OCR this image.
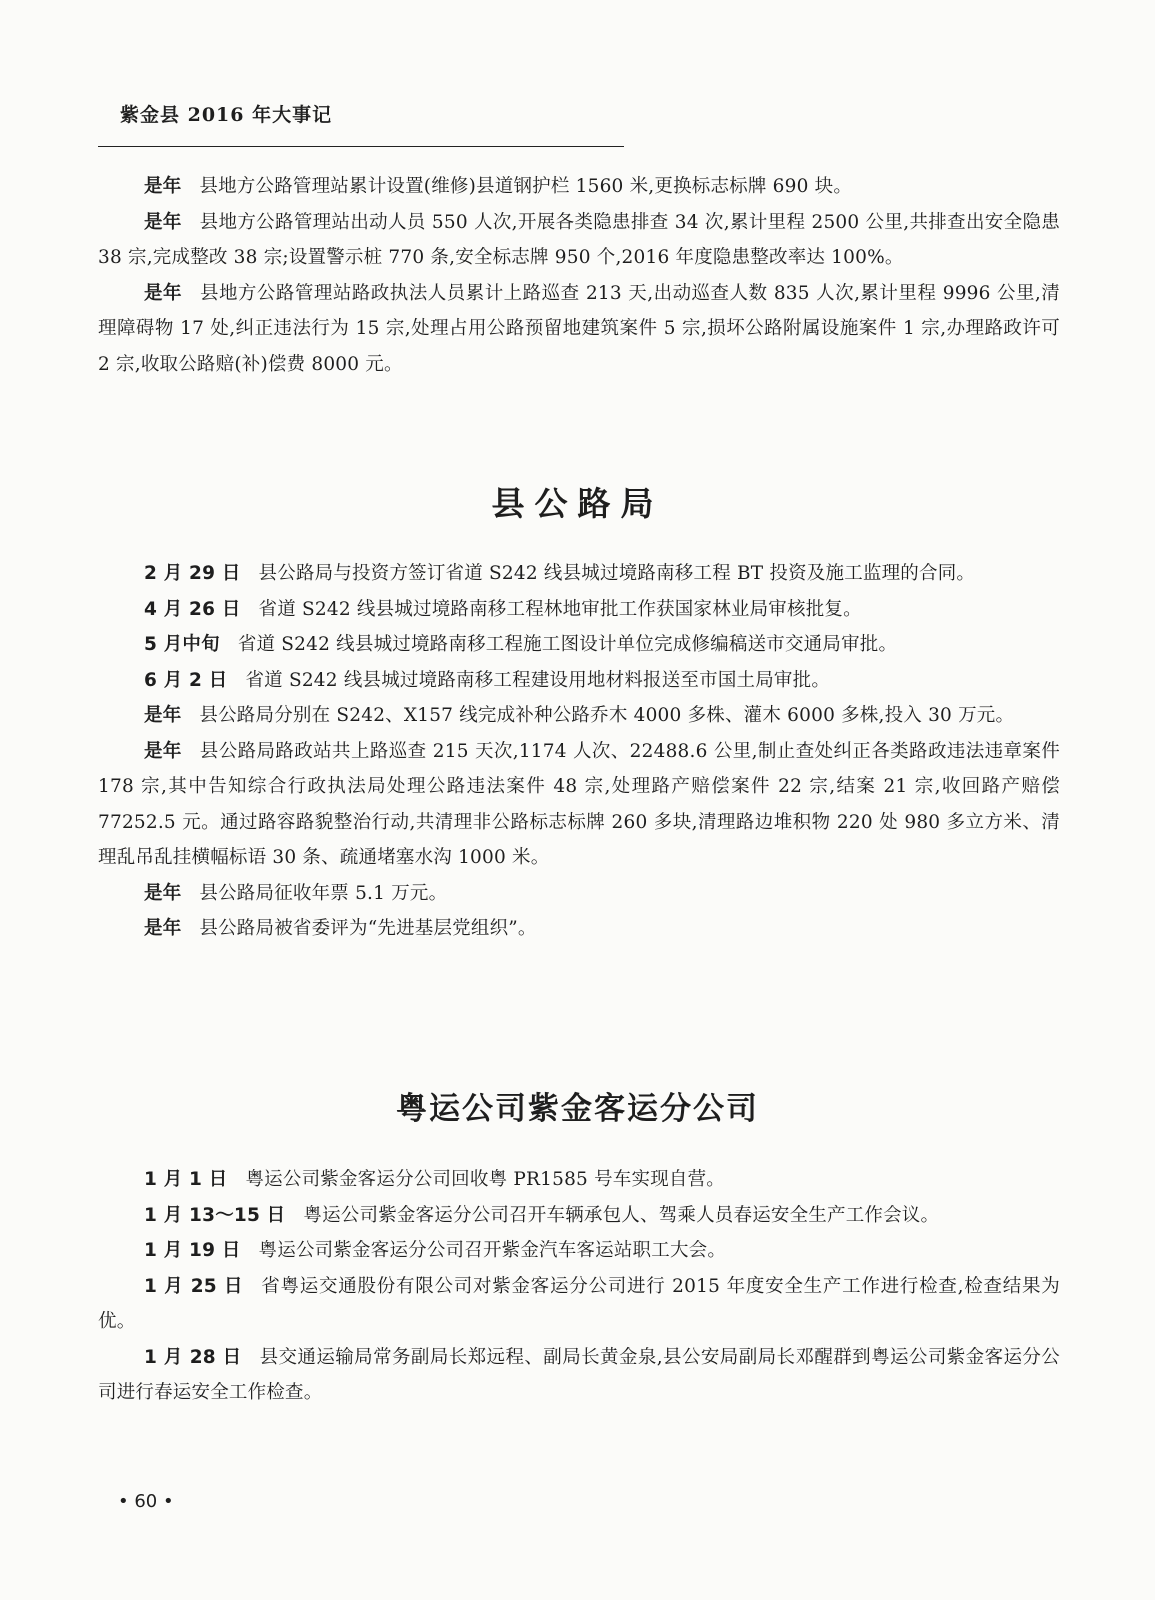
紫金县 2016 年大事记

是年 县地方公路管理站累计设置(维修)县道钢护栏 1560 米,更换标志标牌 690 块。

是年 县地方公路管理站出动人员 550 人次,开展各类隐患排查 34 次,累计里程 2500 公里,共排查出安全隐患 38 宗,完成整改 38 宗;设置警示桩 770 条,安全标志牌 950 个,2016 年度隐患整改率达 100%。

是年 县地方公路管理站路政执法人员累计上路巡查 213 天,出动巡查人数 835 人次,累计里程 9996 公里,清理障碍物 17 处,纠正违法行为 15 宗,处理占用公路预留地建筑案件 5 宗,损坏公路附属设施案件 1 宗,办理路政许可 2 宗,收取公路赔(补)偿费 8000 元。

县公路局

2 月 29 日 县公路局与投资方签订省道 S242 线县城过境路南移工程 BT 投资及施工监理的合同。

4 月 26 日 省道 S242 线县城过境路南移工程林地审批工作获国家林业局审核批复。

5 月中旬 省道 S242 线县城过境路南移工程施工图设计单位完成修编稿送市交通局审批。

6 月 2 日 省道 S242 线县城过境路南移工程建设用地材料报送至市国土局审批。

是年 县公路局分别在 S242、X157 线完成补种公路乔木 4000 多株、灌木 6000 多株,投入 30 万元。

是年 县公路局路政站共上路巡查 215 天次,1174 人次、22488.6 公里,制止查处纠正各类路政违法违章案件 178 宗,其中告知综合行政执法局处理公路违法案件 48 宗,处理路产赔偿案件 22 宗,结案 21 宗,收回路产赔偿 77252.5 元。通过路容路貌整治行动,共清理非公路标志标牌 260 多块,清理路边堆积物 220 处 980 多立方米、清理乱吊乱挂横幅标语 30 条、疏通堵塞水沟 1000 米。

是年 县公路局征收年票 5.1 万元。

是年 县公路局被省委评为“先进基层党组织”。

粤运公司紫金客运分公司

1 月 1 日 粤运公司紫金客运分公司回收粤 PR1585 号车实现自营。

1 月 13～15 日 粤运公司紫金客运分公司召开车辆承包人、驾乘人员春运安全生产工作会议。

1 月 19 日 粤运公司紫金客运分公司召开紫金汽车客运站职工大会。

1 月 25 日 省粤运交通股份有限公司对紫金客运分公司进行 2015 年度安全生产工作进行检查,检查结果为优。

1 月 28 日 县交通运输局常务副局长郑远程、副局长黄金泉,县公安局副局长邓醒群到粤运公司紫金客运分公司进行春运安全工作检查。

• 60 •
